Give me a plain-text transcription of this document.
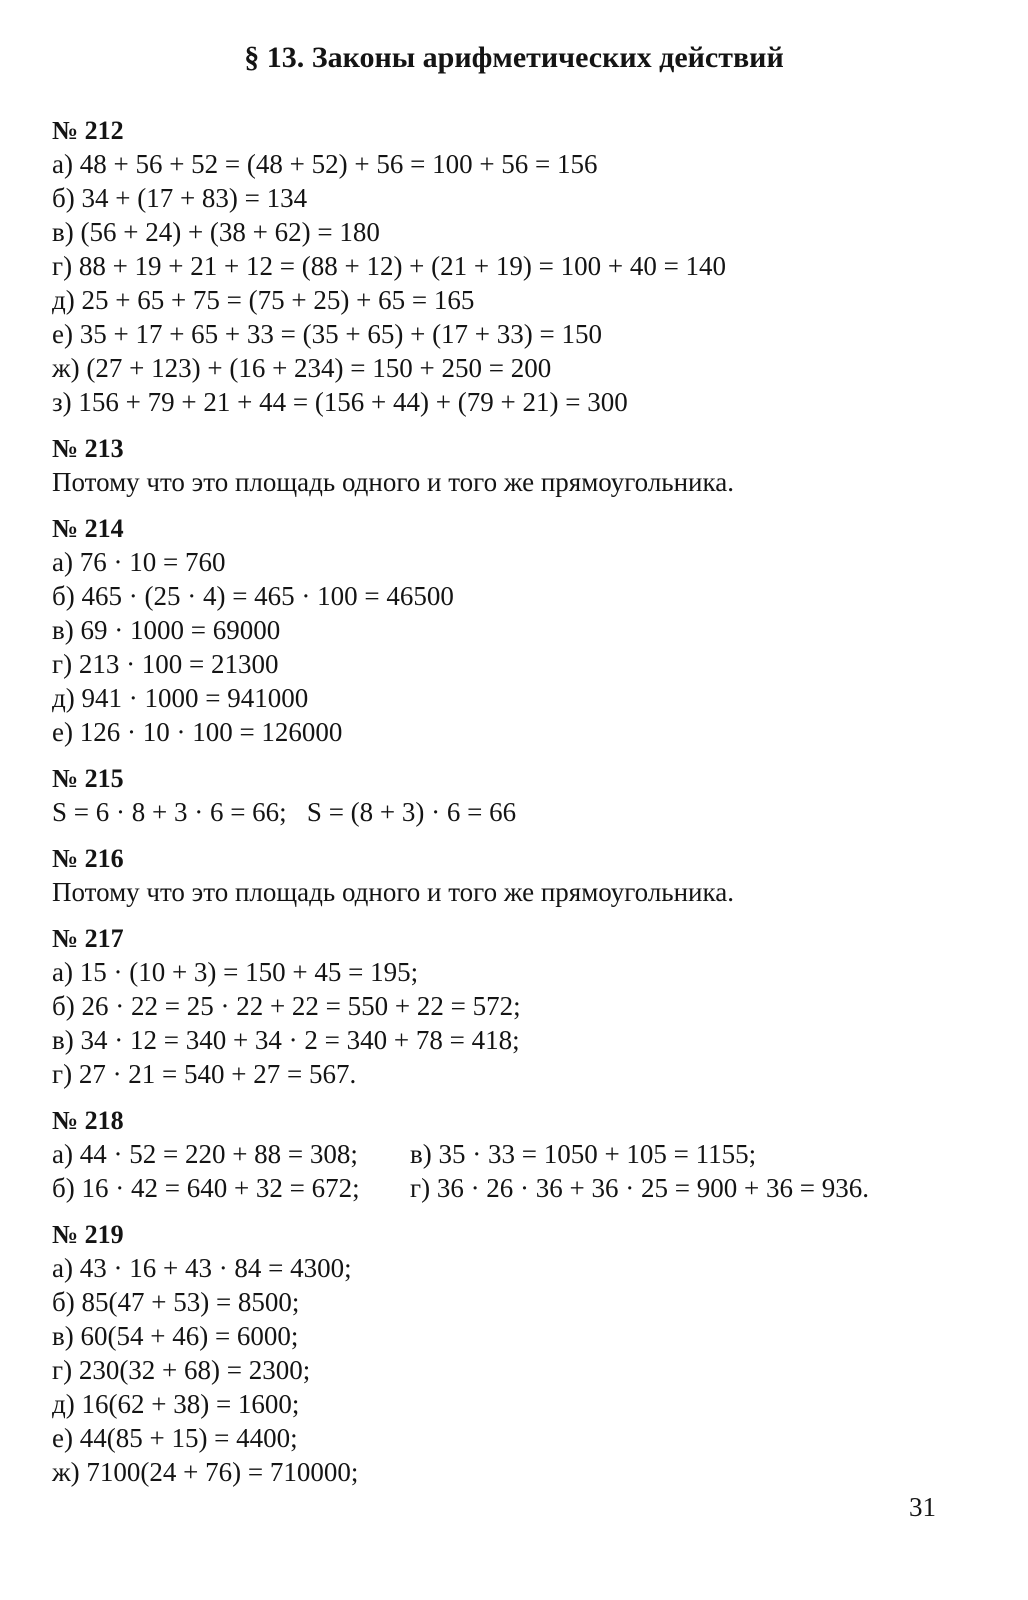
§ 13. Законы арифметических действий
№ 212
а) 48 + 56 + 52 = (48 + 52) + 56 = 100 + 56 = 156
б) 34 + (17 + 83) = 134
в) (56 + 24) + (38 + 62) = 180
г) 88 + 19 + 21 + 12 = (88 + 12) + (21 + 19) = 100 + 40 = 140
д) 25 + 65 + 75 = (75 + 25) + 65 = 165
е) 35 + 17 + 65 + 33 = (35 + 65) + (17 + 33) = 150
ж) (27 + 123) + (16 + 234) = 150 + 250 = 200
з) 156 + 79 + 21 + 44 = (156 + 44) + (79 + 21) = 300
№ 213
Потому что это площадь одного и того же прямоугольника.
№ 214
а) 76 · 10 = 760
б) 465 · (25 · 4) = 465 · 100 = 46500
в) 69 · 1000 = 69000
г) 213 · 100 = 21300
д) 941 · 1000 = 941000
е) 126 · 10 · 100 = 126000
№ 215
S = 6 · 8 + 3 · 6 = 66;   S = (8 + 3) · 6 = 66
№ 216
Потому что это площадь одного и того же прямоугольника.
№ 217
а) 15 · (10 + 3) = 150 + 45 = 195;
б) 26 · 22 = 25 · 22 + 22 = 550 + 22 = 572;
в) 34 · 12 = 340 + 34 · 2 = 340 + 78 = 418;
г) 27 · 21 = 540 + 27 = 567.
№ 218
а) 44 · 52 = 220 + 88 = 308; в) 35 · 33 = 1050 + 105 = 1155;
б) 16 · 42 = 640 + 32 = 672; г) 36 · 26 · 36 + 36 · 25 = 900 + 36 = 936.
№ 219
а) 43 · 16 + 43 · 84 = 4300;
б) 85(47 + 53) = 8500;
в) 60(54 + 46) = 6000;
г) 230(32 + 68) = 2300;
д) 16(62 + 38) = 1600;
е) 44(85 + 15) = 4400;
ж) 7100(24 + 76) = 710000;
31
